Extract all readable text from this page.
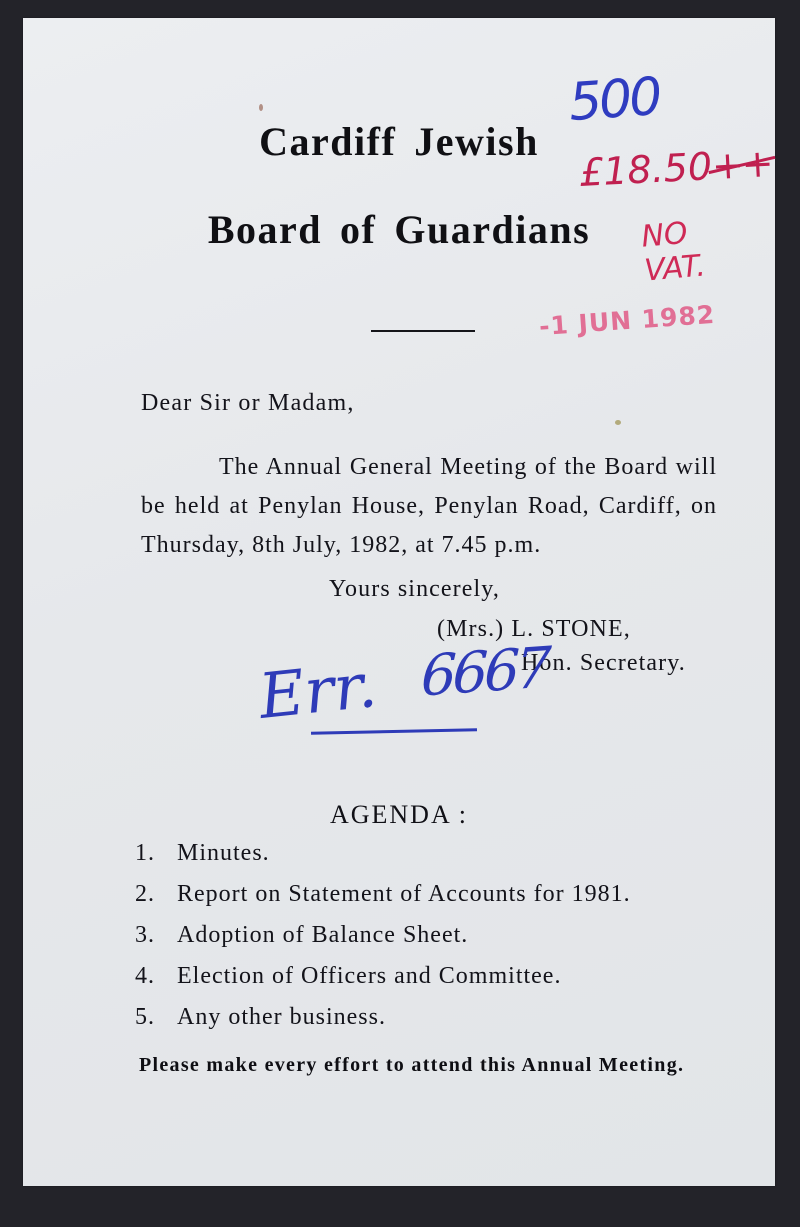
Cardiff Jewish
Board of Guardians
Dear Sir or Madam,
The Annual General Meeting of the Board will be held at Penylan House, Penylan Road, Cardiff, on Thursday, 8th July, 1982, at 7.45 p.m.
Yours sincerely,
(Mrs.) L. STONE,
Hon. Secretary.
AGENDA :
1. Minutes.
2. Report on Statement of Accounts for 1981.
3. Adoption of Balance Sheet.
4. Election of Officers and Committee.
5. Any other business.
Please make every effort to attend this Annual Meeting.
500
£18.50++
NO
VAT.
-1 JUN 1982
Err. 6667
